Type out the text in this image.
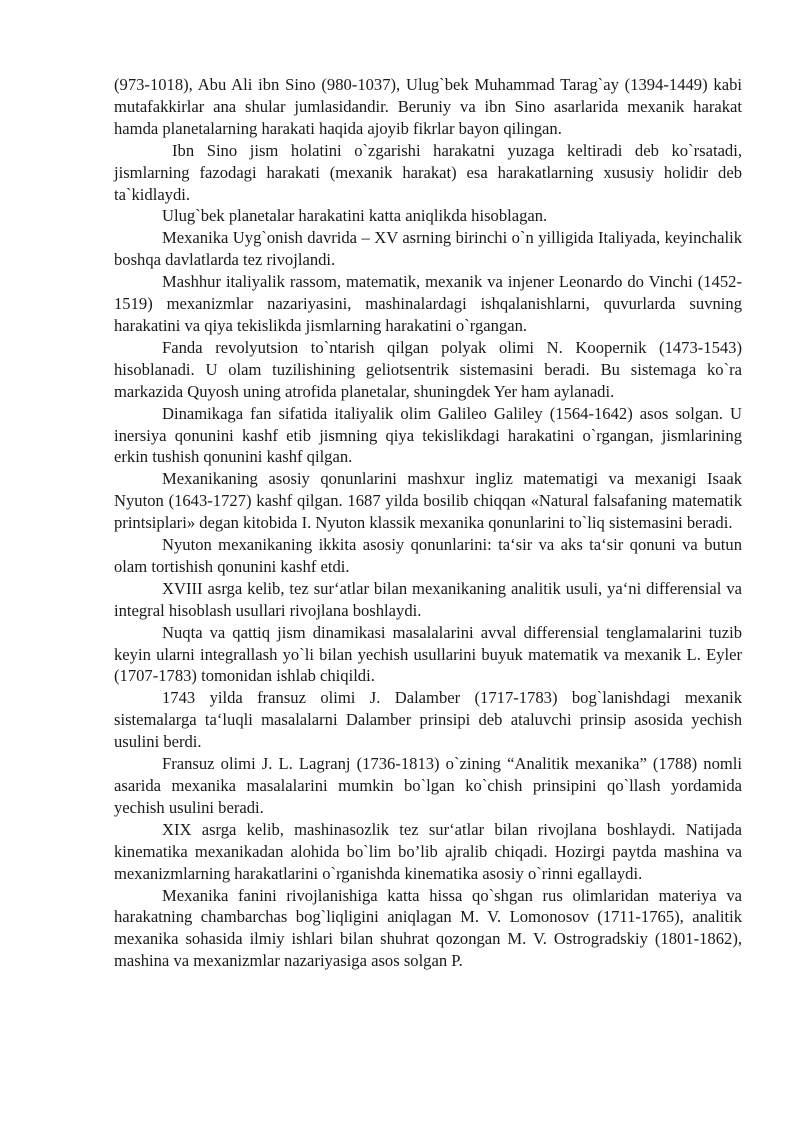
(973-1018), Abu Ali ibn Sino (980-1037), Ulug`bek Muhammad Tarag`ay (1394-1449) kabi mutafakkirlar ana shular jumlasidandir. Beruniy va ibn Sino asarlarida mexanik harakat hamda planetalarning harakati haqida ajoyib fikrlar bayon qilingan.

Ibn Sino jism holatini o`zgarishi harakatni yuzaga keltiradi deb ko`rsatadi, jismlarning fazodagi harakati (mexanik harakat) esa harakatlarning xususiy holidir deb ta`kidlaydi.

Ulug`bek planetalar harakatini katta aniqlikda hisoblagan.

Mexanika Uyg`onish davrida – XV asrning birinchi o`n yilligida Italiyada, keyinchalik boshqa davlatlarda tez rivojlandi.

Mashhur italiyalik rassom, matematik, mexanik va injener Leonardo do Vinchi (1452-1519) mexanizmlar nazariyasini, mashinalardagi ishqalanishlarni, quvurlarda suvning harakatini va qiya tekislikda jismlarning harakatini o`rgangan.

Fanda revolyutsion to`ntarish qilgan polyak olimi N. Koopernik (1473-1543) hisoblanadi. U olam tuzilishining geliotsentrik sistemasini beradi. Bu sistemaga ko`ra markazida Quyosh uning atrofida planetalar, shuningdek Yer ham aylanadi.

Dinamikaga fan sifatida italiyalik olim Galileo Galiley (1564-1642) asos solgan. U inersiya qonunini kashf etib jismning qiya tekislikdagi harakatini o`rgangan, jismlarining erkin tushish qonunini kashf qilgan.

Mexanikaning asosiy qonunlarini mashxur ingliz matematigi va mexanigi Isaak Nyuton (1643-1727) kashf qilgan. 1687 yilda bosilib chiqqan «Natural falsafaning matematik printsiplari» degan kitobida I. Nyuton klassik mexanika qonunlarini to`liq sistemasini beradi.

Nyuton mexanikaning ikkita asosiy qonunlarini: ta‘sir va aks ta‘sir qonuni va butun olam tortishish qonunini kashf etdi.

XVIII asrga kelib, tez sur‘atlar bilan mexanikaning analitik usuli, ya‘ni differensial va integral hisoblash usullari rivojlana boshlaydi.

Nuqta va qattiq jism dinamikasi masalalarini avval differensial tenglamalarini tuzib keyin ularni integrallash yo`li bilan yechish usullarini buyuk matematik va mexanik L. Eyler (1707-1783) tomonidan ishlab chiqildi.

1743 yilda fransuz olimi J. Dalamber (1717-1783) bog`lanishdagi mexanik sistemalarga ta‘luqli masalalarni Dalamber prinsipi deb ataluvchi prinsip asosida yechish usulini berdi.

Fransuz olimi J. L. Lagranj (1736-1813) o`zining “Analitik mexanika” (1788) nomli asarida mexanika masalalarini mumkin bo`lgan ko`chish prinsipini qo`llash yordamida yechish usulini beradi.

XIX asrga kelib, mashinasozlik tez sur‘atlar bilan rivojlana boshlaydi. Natijada kinematika mexanikadan alohida bo`lim bo’lib ajralib chiqadi. Hozirgi paytda mashina va mexanizmlarning harakatlarini o`rganishda kinematika asosiy o`rinni egallaydi.

Mexanika fanini rivojlanishiga katta hissa qo`shgan rus olimlaridan materiya va harakatning chambarchas bog`liqligini aniqlagan M. V. Lomonosov (1711-1765), analitik mexanika sohasida ilmiy ishlari bilan shuhrat qozongan M. V. Ostrogradskiy (1801-1862), mashina va mexanizmlar nazariyasiga asos solgan P.
